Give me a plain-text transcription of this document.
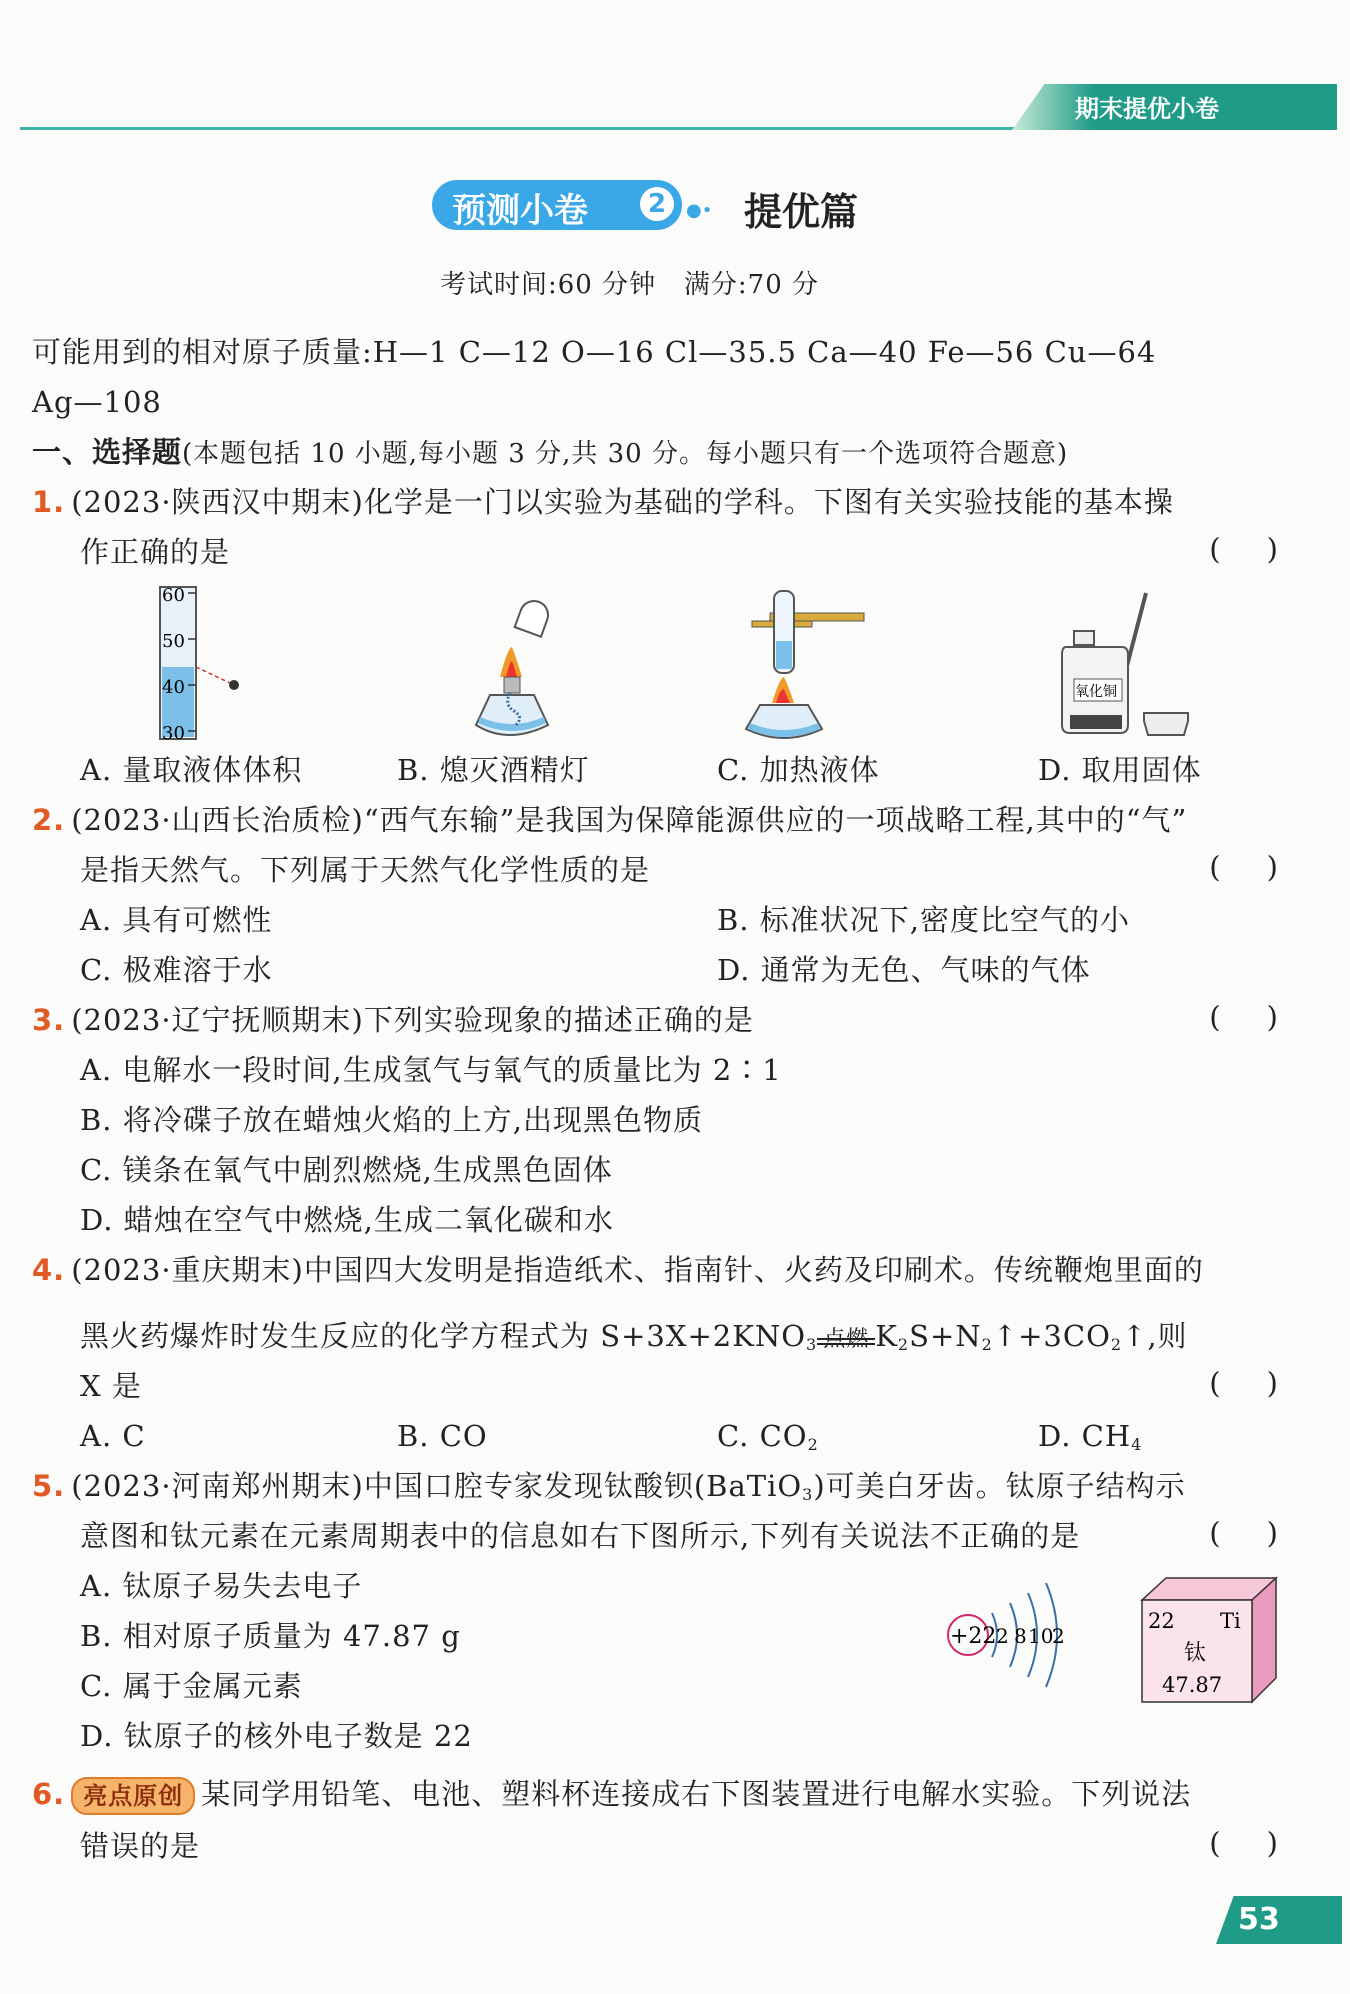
期末提优小卷
预测小卷	2	●• 提优篇
考试时间:60 分钟   满分:70 分
可能用到的相对原子质量:H—1 C—12 O—16 Cl—35.5 Ca—40 Fe—56 Cu—64
Ag—108
一、选择题(本题包括 10 小题,每小题 3 分,共 30 分。每小题只有一个选项符合题意)
1. (2023·陕西汉中期末)化学是一门以实验为基础的学科。下图有关实验技能的基本操
作正确的是	(     )
60
50
40
30
氧化铜
A. 量取液体体积	B. 熄灭酒精灯	C. 加热液体	D. 取用固体
2. (2023·山西长治质检)“西气东输”是我国为保障能源供应的一项战略工程,其中的“气”
是指天然气。下列属于天然气化学性质的是	(     )
A. 具有可燃性	B. 标准状况下,密度比空气的小
C. 极难溶于水	D. 通常为无色、气味的气体
3. (2023·辽宁抚顺期末)下列实验现象的描述正确的是	(     )
A. 电解水一段时间,生成氢气与氧气的质量比为 2∶1
B. 将冷碟子放在蜡烛火焰的上方,出现黑色物质
C. 镁条在氧气中剧烈燃烧,生成黑色固体
D. 蜡烛在空气中燃烧,生成二氧化碳和水
4. (2023·重庆期末)中国四大发明是指造纸术、指南针、火药及印刷术。传统鞭炮里面的
黑火药爆炸时发生反应的化学方程式为 $S+3X+2KNO_3$ 点燃 $K_2S+N_2↑+3CO_2↑$,则
X 是	(     )
A. C	B. CO	C. $CO_2$	D. $CH_4$
5. (2023·河南郑州期末)中国口腔专家发现钛酸钡(BaTiO$_3$)可美白牙齿。钛原子结构示
意图和钛元素在元素周期表中的信息如右下图所示,下列有关说法不正确的是	(     )
A. 钛原子易失去电子
B. 相对原子质量为 47.87 g
C. 属于金属元素
D. 钛原子的核外电子数是 22
+22 2 8 10
2
22 Ti
钛
47.87
6. 亮点原创 某同学用铅笔、电池、塑料杯连接成右下图装置进行电解水实验。下列说法
错误的是	(     )
53
